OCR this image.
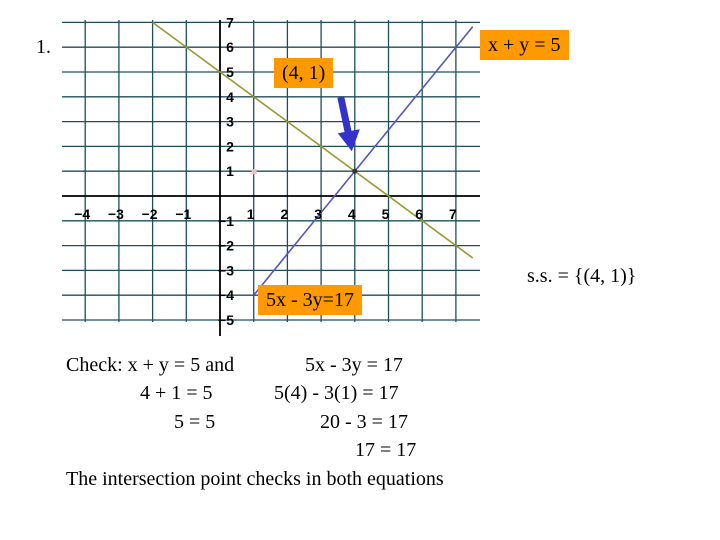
−4 −3 −2 −1	1 2 3 4 5 6 7
−5
−4
−3
−2
−1
1
2
3
4
5
6
7
1.	x + y = 5
5x - 3y=17
(4, 1)
s.s. = {(4, 1)}
Check: x + y = 5 and	5x - 3y = 17
4 + 1 = 5	5(4) - 3(1) = 17
5 = 5	20 - 3 = 17
17 = 17
The intersection point checks in both equations
